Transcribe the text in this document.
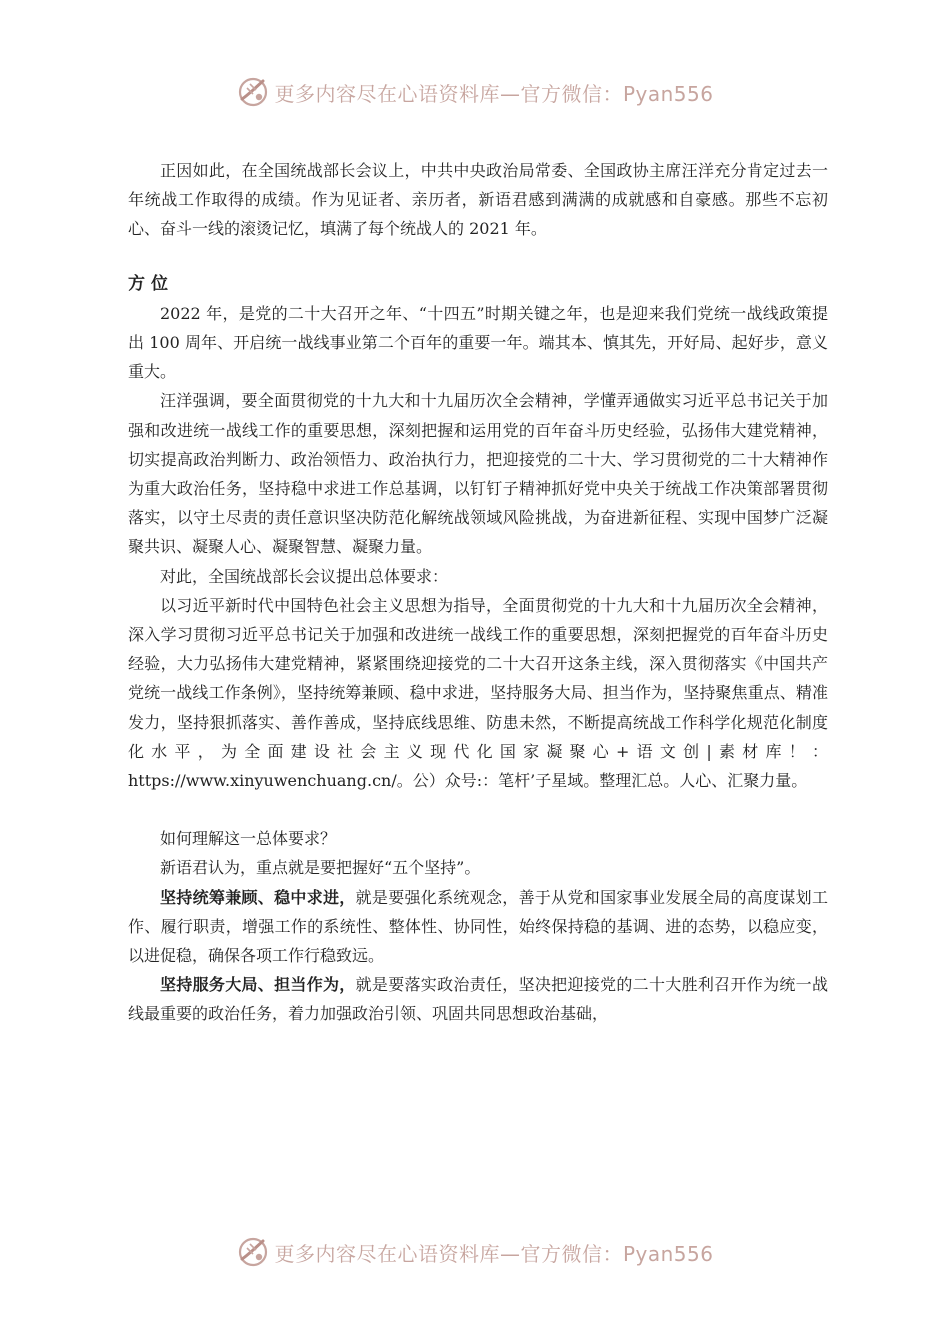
更多内容尽在心语资料库—官方微信：Pyan556

正因如此，在全国统战部长会议上，中共中央政治局常委、全国政协主席汪洋充分肯定过去一年统战工作取得的成绩。作为见证者、亲历者，新语君感到满满的成就感和自豪感。那些不忘初心、奋斗一线的滚烫记忆，填满了每个统战人的 2021 年。

方位

2022 年，是党的二十大召开之年、“十四五”时期关键之年，也是迎来我们党统一战线政策提出 100 周年、开启统一战线事业第二个百年的重要一年。端其本、慎其先，开好局、起好步，意义重大。

汪洋强调，要全面贯彻党的十九大和十九届历次全会精神，学懂弄通做实习近平总书记关于加强和改进统一战线工作的重要思想，深刻把握和运用党的百年奋斗历史经验，弘扬伟大建党精神，切实提高政治判断力、政治领悟力、政治执行力，把迎接党的二十大、学习贯彻党的二十大精神作为重大政治任务，坚持稳中求进工作总基调，以钉钉子精神抓好党中央关于统战工作决策部署贯彻落实，以守土尽责的责任意识坚决防范化解统战领域风险挑战，为奋进新征程、实现中国梦广泛凝聚共识、凝聚人心、凝聚智慧、凝聚力量。

对此，全国统战部长会议提出总体要求：

以习近平新时代中国特色社会主义思想为指导，全面贯彻党的十九大和十九届历次全会精神，深入学习贯彻习近平总书记关于加强和改进统一战线工作的重要思想，深刻把握党的百年奋斗历史经验，大力弘扬伟大建党精神，紧紧围绕迎接党的二十大召开这条主线，深入贯彻落实《中国共产党统一战线工作条例》，坚持统筹兼顾、稳中求进，坚持服务大局、担当作为，坚持聚焦重点、精准发力，坚持狠抓落实、善作善成，坚持底线思维、防患未然，不断提高统战工作科学化规范化制度化水平，为全面建设社会主义现代化国家凝聚心+语文创|素材库！：https://www.xinyuwenchuang.cn/。公）众号:：笔杆’子星域。整理汇总。人心、汇聚力量。

如何理解这一总体要求？

新语君认为，重点就是要把握好“五个坚持”。

坚持统筹兼顾、稳中求进，就是要强化系统观念，善于从党和国家事业发展全局的高度谋划工作、履行职责，增强工作的系统性、整体性、协同性，始终保持稳的基调、进的态势，以稳应变，以进促稳，确保各项工作行稳致远。

坚持服务大局、担当作为，就是要落实政治责任，坚决把迎接党的二十大胜利召开作为统一战线最重要的政治任务，着力加强政治引领、巩固共同思想政治基础，

更多内容尽在心语资料库—官方微信：Pyan556
